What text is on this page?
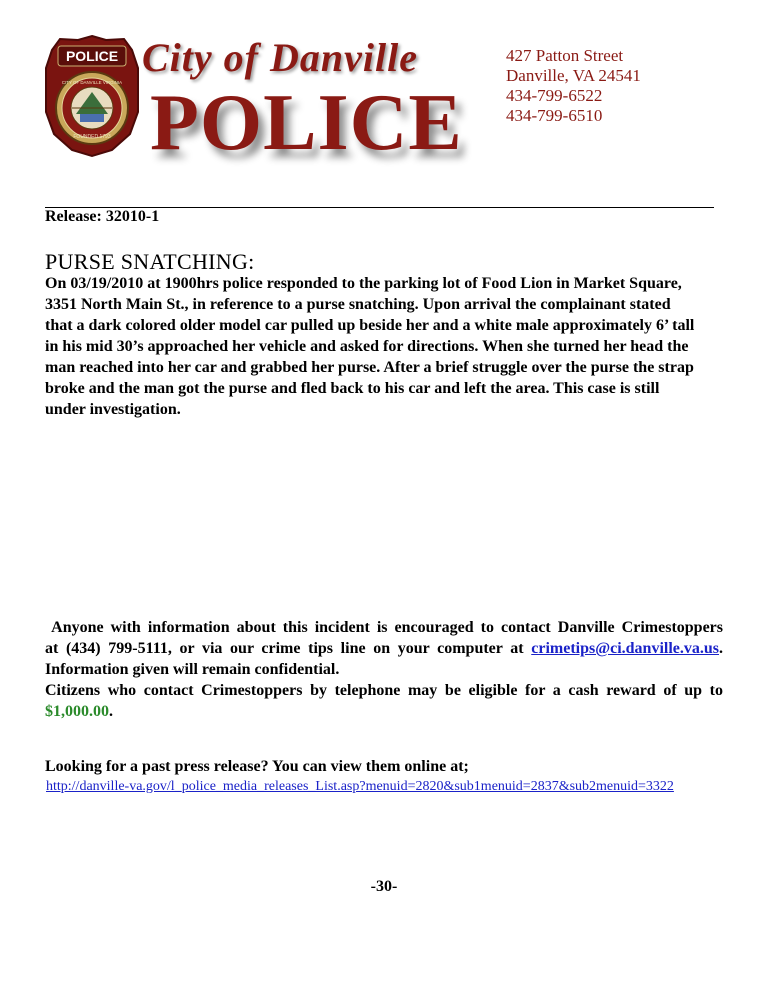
POLICE
FOUNDED 1793
CITY OF DANVILLE VIRGINIA
City of Danville
POLICE
427 Patton Street
Danville, VA 24541
434-799-6522
434-799-6510
Release: 32010-1
PURSE SNATCHING:
On 03/19/2010 at 1900hrs police responded to the parking lot of Food Lion in Market Square,
3351 North Main St., in reference to a purse snatching. Upon arrival the complainant stated
that a dark colored older model car pulled up beside her and a white male approximately 6’ tall
in his mid 30’s approached her vehicle and asked for directions. When she turned her head the
man reached into her car and grabbed her purse. After a brief struggle over the purse the strap
broke and the man got the purse and fled back to his car and left the area. This case is still
under investigation.
Anyone with information about this incident is encouraged to contact Danville Crimestoppers
at (434) 799-5111, or via our crime tips line on your computer at crimetips@ci.danville.va.us.
Information given will remain confidential.
Citizens who contact Crimestoppers by telephone may be eligible for a cash reward of up to
$1,000.00.
Looking for a past press release? You can view them online at;
http://danville-va.gov/l_police_media_releases_List.asp?menuid=2820&sub1menuid=2837&sub2menuid=3322
-30-
